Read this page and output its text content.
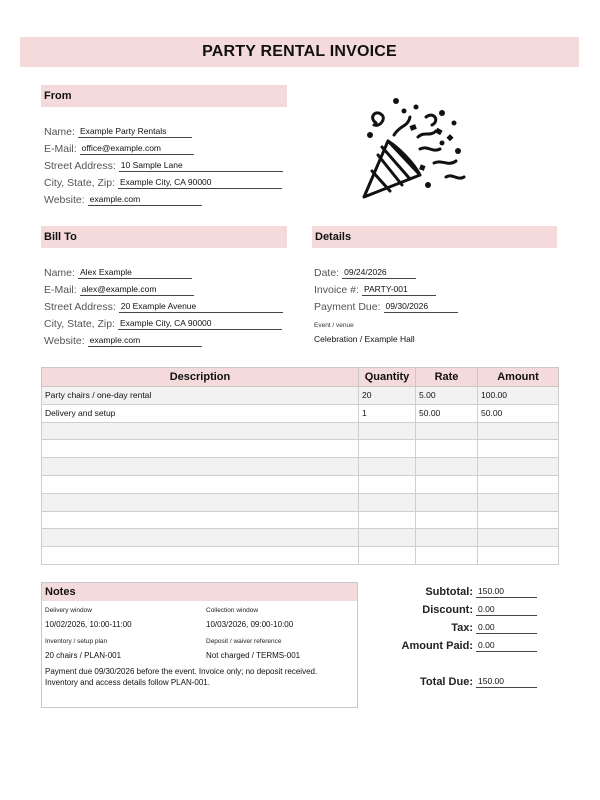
PARTY RENTAL INVOICE
From
Name: Example Party Rentals
E-Mail: office@example.com
Street Address: 10 Sample Lane
City, State, Zip: Example City, CA 90000
Website: example.com
Bill To
Name: Alex Example
E-Mail: alex@example.com
Street Address: 20 Example Avenue
City, State, Zip: Example City, CA 90000
Website: example.com
Details
Date: 09/24/2026
Invoice #: PARTY-001
Payment Due: 09/30/2026
Event / venue
Celebration / Example Hall
Description	Quantity	Rate	Amount
Party chairs / one-day rental	20	5.00	100.00
Delivery and setup	1	50.00	50.00

Notes
Delivery window
10/02/2026, 10:00-11:00
Collection window
10/03/2026, 09:00-10:00
Inventory / setup plan
20 chairs / PLAN-001
Deposit / waiver reference
Not charged / TERMS-001
Payment due 09/30/2026 before the event. Invoice only; no deposit received. Inventory and access details follow PLAN-001.
Subtotal: 150.00
Discount: 0.00
Tax: 0.00
Amount Paid: 0.00
Total Due: 150.00
